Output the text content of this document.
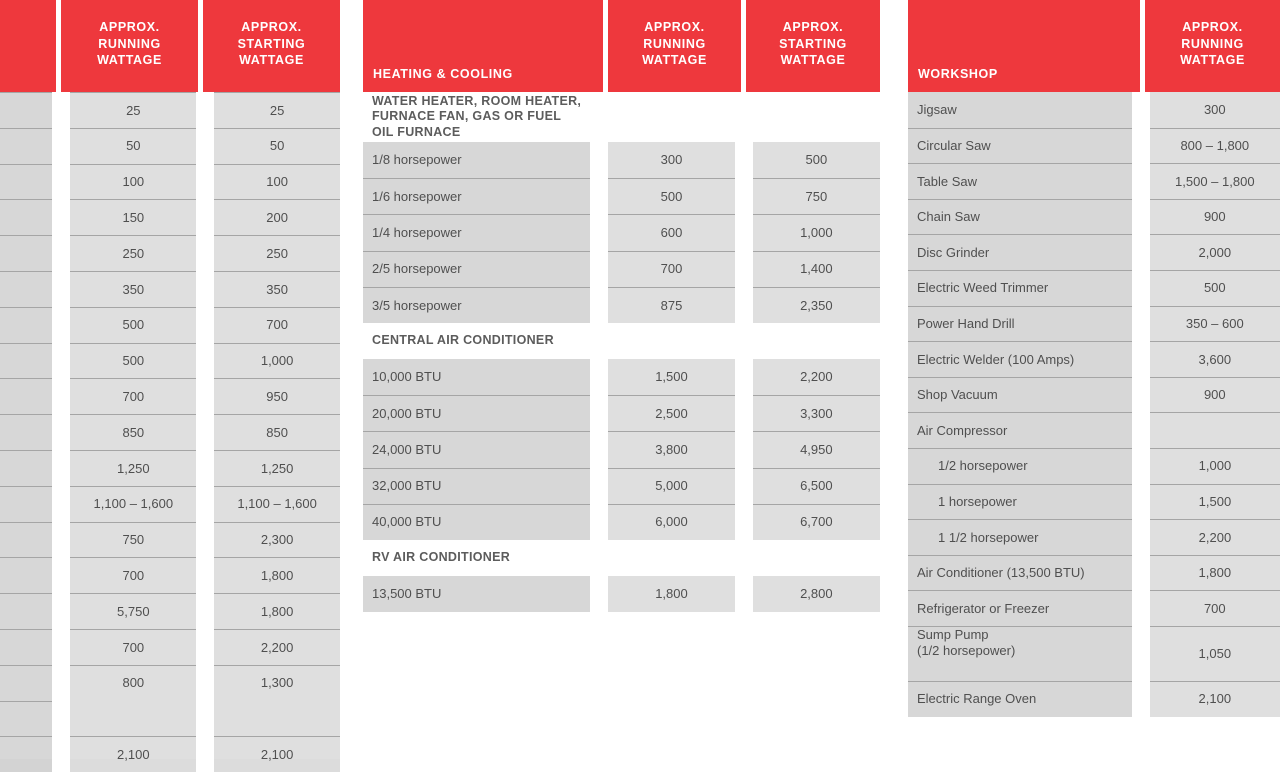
APPROX. RUNNING WATTAGE
APPROX. STARTING WATTAGE
25	25
50	50
100	100
150	200
250	250
350	350
500	700
500	1,000
700	950
850	850
1,250	1,250
1,100 – 1,600	1,100 – 1,600
750	2,300
700	1,800
5,750	1,800
700	2,200
800	1,300
2,100	2,100
HEATING & COOLING
APPROX. RUNNING WATTAGE
APPROX. STARTING WATTAGE
WATER HEATER, ROOM HEATER, FURNACE FAN, GAS OR FUEL
OIL FURNACE
1/8 horsepower	300	500
1/6 horsepower	500	750
1/4 horsepower	600	1,000
2/5 horsepower	700	1,400
3/5 horsepower	875	2,350
CENTRAL AIR CONDITIONER
10,000 BTU	1,500	2,200
20,000 BTU	2,500	3,300
24,000 BTU	3,800	4,950
32,000 BTU	5,000	6,500
40,000 BTU	6,000	6,700
RV AIR CONDITIONER
13,500 BTU	1,800	2,800
WORKSHOP
APPROX. RUNNING WATTAGE
Jigsaw	300
Circular Saw	800 – 1,800
Table Saw	1,500 – 1,800
Chain Saw	900
Disc Grinder	2,000
Electric Weed Trimmer	500
Power Hand Drill	350 – 600
Electric Welder (100 Amps)	3,600
Shop Vacuum	900
Air Compressor
1/2 horsepower	1,000
1 horsepower	1,500
1 1/2 horsepower	2,200
Air Conditioner (13,500 BTU)	1,800
Refrigerator or Freezer	700
Sump Pump
(1/2 horsepower)	1,050
Electric Range Oven	2,100
